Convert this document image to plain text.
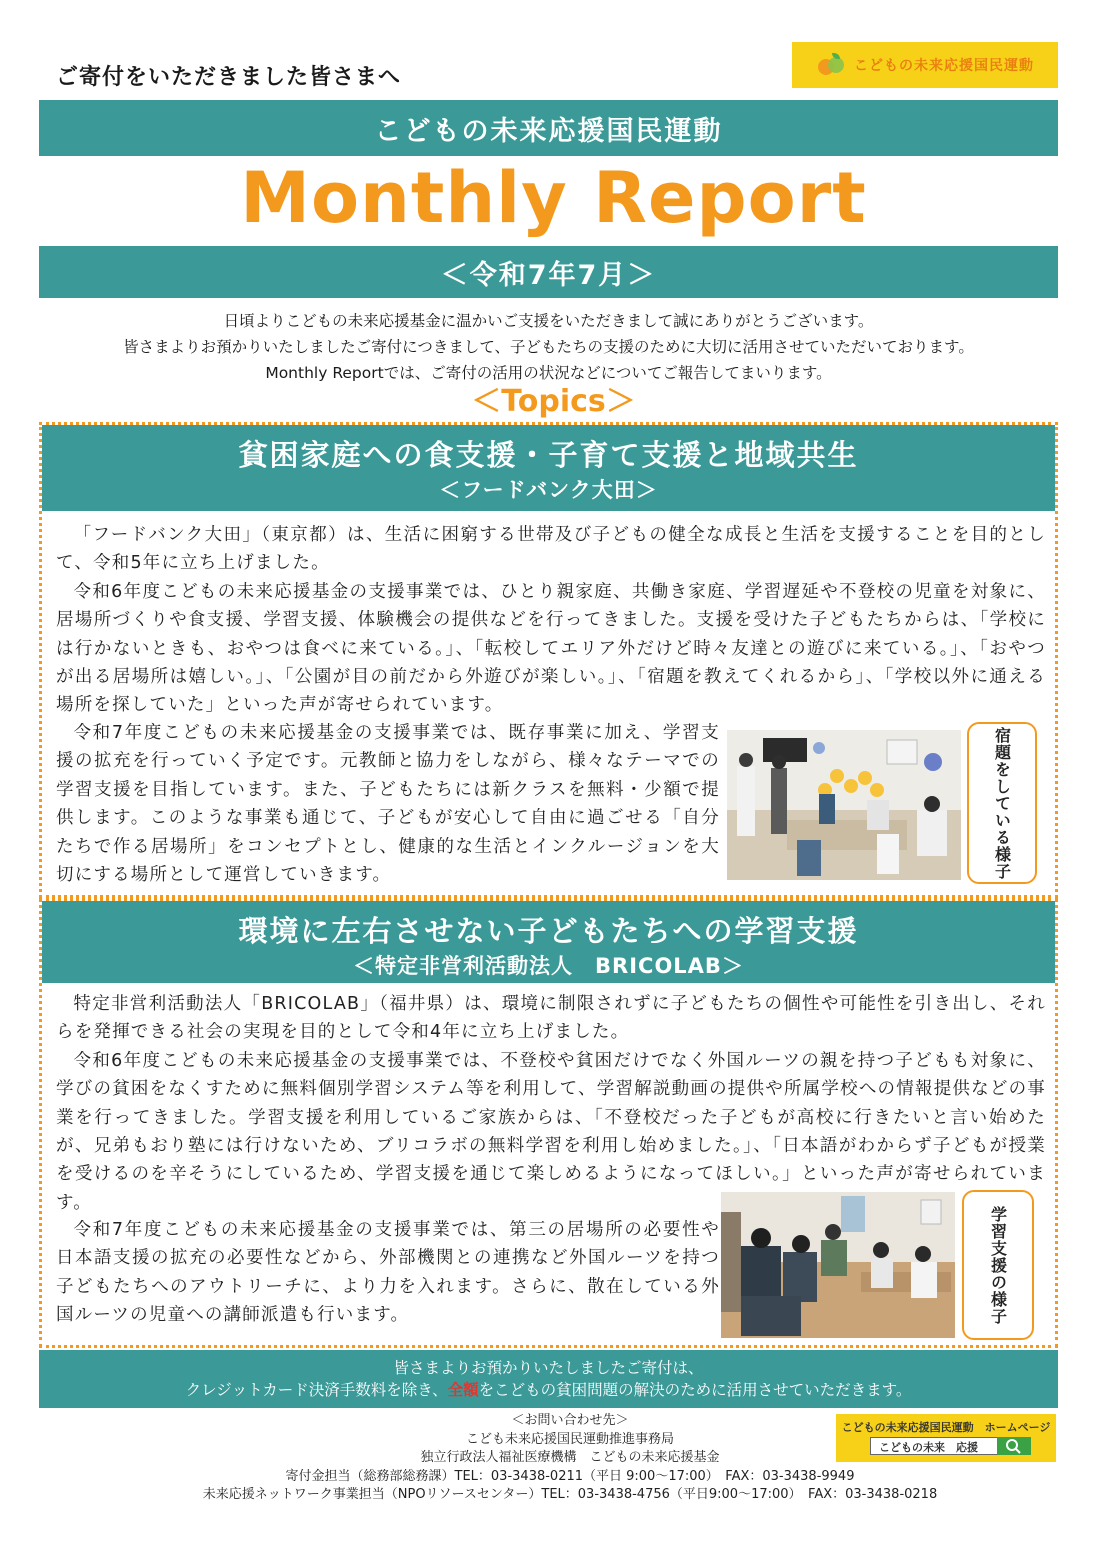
ご寄付をいただきました皆さまへ	こどもの未来応援国民運動
こどもの未来応援国民運動
Monthly Report
＜令和7年7月＞
日頃よりこどもの未来応援基金に温かいご支援をいただきまして誠にありがとうございます。
皆さまよりお預かりいたしましたご寄付につきまして、子どもたちの支援のために大切に活用させていただいております。
Monthly Reportでは、ご寄付の活用の状況などについてご報告してまいります。
＜Topics＞
貧困家庭への食支援・子育て支援と地域共生
＜フードバンク大田＞

「フードバンク大田」（東京都）は、生活に困窮する世帯及び子どもの健全な成長と生活を支援することを目的として、令和5年に立ち上げました。

令和6年度こどもの未来応援基金の支援事業では、ひとり親家庭、共働き家庭、学習遅延や不登校の児童を対象に、居場所づくりや食支援、学習支援、体験機会の提供などを行ってきました。支援を受けた子どもたちからは、「学校には行かないときも、おやつは食べに来ている。」、「転校してエリア外だけど時々友達との遊びに来ている。」、「おやつが出る居場所は嬉しい。」、「公園が目の前だから外遊びが楽しい。」、「宿題を教えてくれるから」、「学校以外に通える場所を探していた」といった声が寄せられています。

令和7年度こどもの未来応援基金の支援事業では、既存事業に加え、学習支援の拡充を行っていく予定です。元教師と協力をしながら、様々なテーマでの学習支援を目指しています。また、子どもたちには新クラスを無料・少額で提供します。このような事業も通じて、子どもが安心して自由に過ごせる「自分たちで作る居場所」をコンセプトとし、健康的な生活とインクルージョンを大切にする場所として運営していきます。	宿題をしている様子
環境に左右させない子どもたちへの学習支援
＜特定非営利活動法人　BRICOLAB＞

特定非営利活動法人「BRICOLAB」（福井県）は、環境に制限されずに子どもたちの個性や可能性を引き出し、それらを発揮できる社会の実現を目的として令和4年に立ち上げました。

令和6年度こどもの未来応援基金の支援事業では、不登校や貧困だけでなく外国ルーツの親を持つ子どもも対象に、学びの貧困をなくすために無料個別学習システム等を利用して、学習解説動画の提供や所属学校への情報提供などの事業を行ってきました。学習支援を利用しているご家族からは、「不登校だった子どもが高校に行きたいと言い始めたが、兄弟もおり塾には行けないため、ブリコラボの無料学習を利用し始めました。」、「日本語がわからず子どもが授業を受けるのを辛そうにしているため、学習支援を通じて楽しめるようになってほしい。」といった声が寄せられています。

令和7年度こどもの未来応援基金の支援事業では、第三の居場所の必要性や日本語支援の拡充の必要性などから、外部機関との連携など外国ルーツを持つ子どもたちへのアウトリーチに、より力を入れます。さらに、散在している外国ルーツの児童への講師派遣も行います。	学習支援の様子
皆さまよりお預かりいたしましたご寄付は、
クレジットカード決済手数料を除き、全額をこどもの貧困問題の解決のために活用させていただきます。
＜お問い合わせ先＞
こども未来応援国民運動推進事務局
独立行政法人福祉医療機構　こどもの未来応援基金
寄付金担当（総務部総務課）TEL：03-3438-0211（平日 9:00～17:00）　FAX：03-3438-9949
未来応援ネットワーク事業担当（NPOリソースセンター）TEL：03-3438-4756（平日9:00～17:00）　FAX：03-3438-0218
こどもの未来応援国民運動　ホームページ
こどもの未来　応援
